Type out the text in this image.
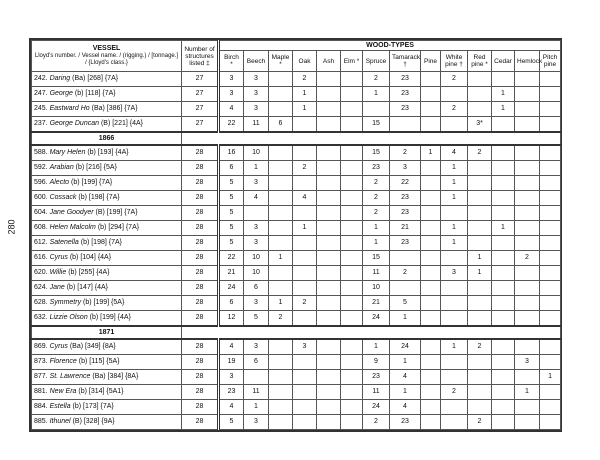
280
VESSEL
Lloyd's number. / Vessel name. / (rigging.) / [tonnage.] / {Lloyd's class.}	Number of structures listed ‡	WOOD-TYPES													
		Birch *	Beech	Maple *	Oak	Ash	Elm *	Spruce	Tamarack †	Pine	White pine †	Red pine *	Cedar	Hemlock	Pitch pine
242. Daring (Ba) [268] {7A}	27	3	3		2			2	23		2				
247. George (b) [118] {7A}	27	3	3		1			1	23				1		
245. Eastward Ho (Ba) [386] {7A}	27	4	3		1				23		2		1		
237. George Duncan (B) [221] {4A}	27	22	11	6				15				3*			
1866															
588. Mary Helen (b) [193] {4A}	28	16	10					15	2	1	4	2			
592. Arabian (b) [216] {5A}	28	6	1		2			23	3		1				
596. Alecto (b) [199] {7A}	28	5	3					2	22		1				
600. Cossack (b) [198] {7A}	28	5	4		4			2	23		1				
604. Jane Goodyer (B) [199] {7A}	28	5						2	23						
608. Helen Malcolm (b) [294] {7A}	28	5	3		1			1	21		1		1		
612. Satenella (b) [198] {7A}	28	5	3					1	23		1				
616. Cyrus (b) [104] {4A}	28	22	10	1				15				1		2	
620. Willie (b) [255] {4A}	28	21	10					11	2		3	1			
624. Jane (b) [147] {4A}	28	24	6					10							
628. Symmetry (b) [199] {5A}	28	6	3	1	2			21	5						
632. Lizzie Olson (b) [199] {4A}	28	12	5	2				24	1						
1871															
869. Cyrus (Ba) [349] {8A}	28	4	3		3			1	24		1	2			
873. Florence (b) [115] {5A}	28	19	6					9	1					3	
877. St. Lawrence (Ba) [384] {8A}	28	3						23	4						1
881. New Era (b) [314] {5A1}	28	23	11					11	1		2			1	
884. Estella (b) [173] {7A}	28	4	1					24	4						
885. Ithunel (B) [328] {9A}	28	5	3					2	23			2			
